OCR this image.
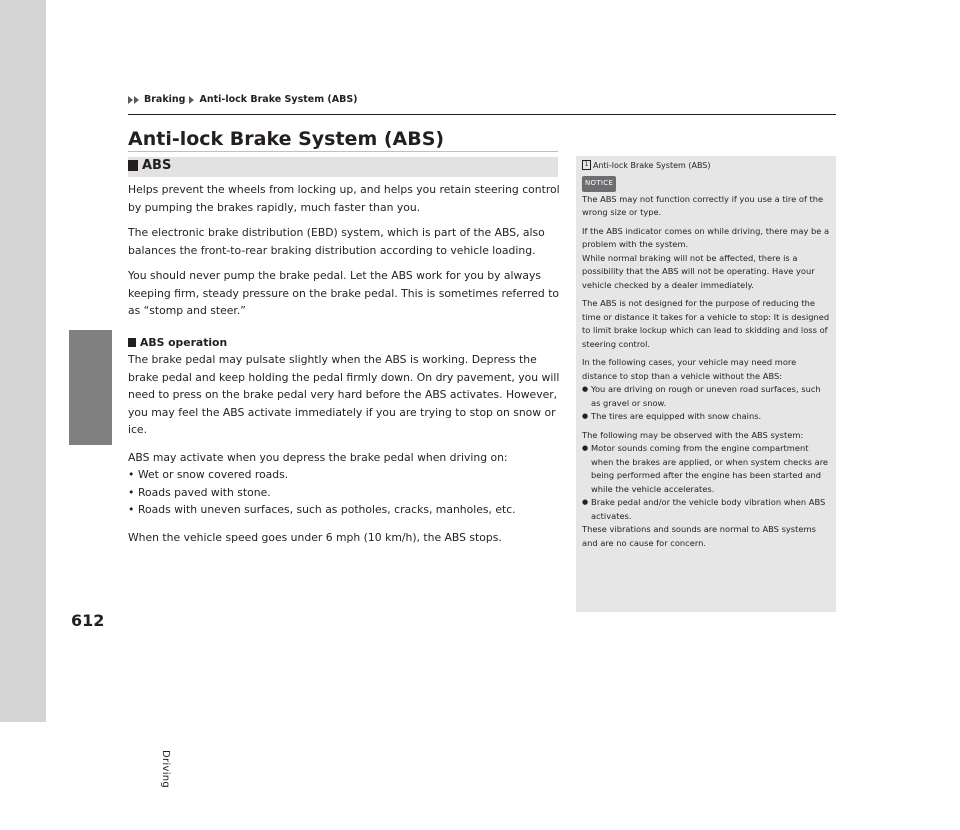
Driving
Braking Anti-lock Brake System (ABS)
Anti-lock Brake System (ABS)
ABS

Helps prevent the wheels from locking up, and helps you retain steering control by pumping the brakes rapidly, much faster than you.

The electronic brake distribution (EBD) system, which is part of the ABS, also balances the front-to-rear braking distribution according to vehicle loading.

You should never pump the brake pedal. Let the ABS work for you by always keeping firm, steady pressure on the brake pedal. This is sometimes referred to as “stomp and steer.”

ABS operation

The brake pedal may pulsate slightly when the ABS is working. Depress the brake pedal and keep holding the pedal firmly down. On dry pavement, you will need to press on the brake pedal very hard before the ABS activates. However, you may feel the ABS activate immediately if you are trying to stop on snow or ice.

ABS may activate when you depress the brake pedal when driving on:

• Wet or snow covered roads.
• Roads paved with stone.
• Roads with uneven surfaces, such as potholes, cracks, manholes, etc.

When the vehicle speed goes under 6 mph (10 km/h), the ABS stops.

1 Anti-lock Brake System (ABS)
NOTICE

The ABS may not function correctly if you use a tire of the wrong size or type.

If the ABS indicator comes on while driving, there may be a problem with the system.

While normal braking will not be affected, there is a possibility that the ABS will not be operating. Have your vehicle checked by a dealer immediately.

The ABS is not designed for the purpose of reducing the time or distance it takes for a vehicle to stop: It is designed to limit brake lockup which can lead to skidding and loss of steering control.

In the following cases, your vehicle may need more distance to stop than a vehicle without the ABS:

● You are driving on rough or uneven road surfaces, such as gravel or snow.
● The tires are equipped with snow chains.

The following may be observed with the ABS system:

● Motor sounds coming from the engine compartment when the brakes are applied, or when system checks are being performed after the engine has been started and while the vehicle accelerates.
● Brake pedal and/or the vehicle body vibration when ABS activates.

These vibrations and sounds are normal to ABS systems and are no cause for concern.

612
